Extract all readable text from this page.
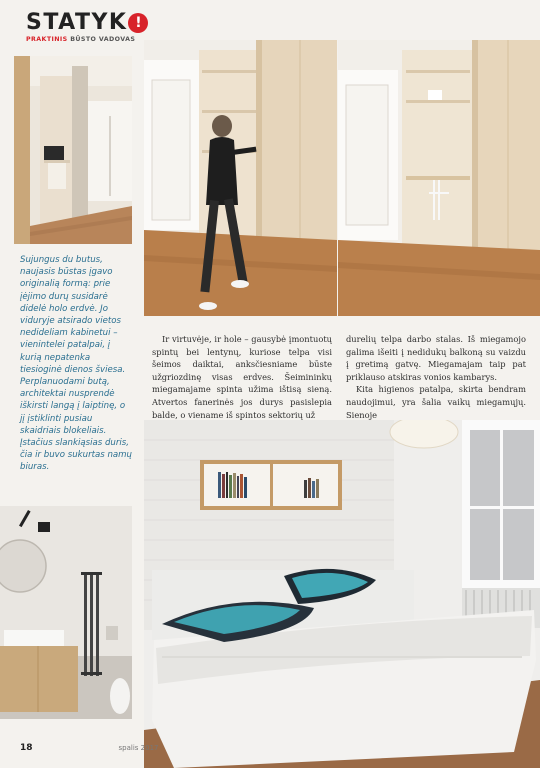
STATYK !
PRAKTINIS BŪSTO VADOVAS
Sujungus du butus, naujasis būstas įgavo originalią formą: prie įėjimo durų susidarė didelė holo erdvė. Jo viduryje atsirado vietos nedideliam kabinetui – vienintelei patalpai, į kurią nepatenka tiesioginė dienos šviesa. Perplanuodami butą, architektai nusprendė iškirsti langą į laiptinę, o jį įstiklinti pusiau skaidriais blokeliais. Įstačius slankiąsias duris, čia ir buvo sukurtas namų biuras.
Ir virtuvėje, ir hole – gausybė įmontuotų spintų bei lentynų, kuriose telpa visi šeimos daiktai, anksčiesniame būste užgriozdinę visas erdves. Šeimininkų miegamajame spinta užima ištisą sieną. Atvertos fanerinės jos durys pasislepia balde, o viename iš spintos sektorių už

durelių telpa darbo stalas. Iš miegamojo galima išeiti į nedidukų balkoną su vaizdu į gretimą gatvę. Miegamajam taip pat priklauso atskiras vonios kambarys.

Kita higienos patalpa, skirta bendram naudojimui, yra šalia vaikų miegamųjų. Sienoje

18	spalis 2017
